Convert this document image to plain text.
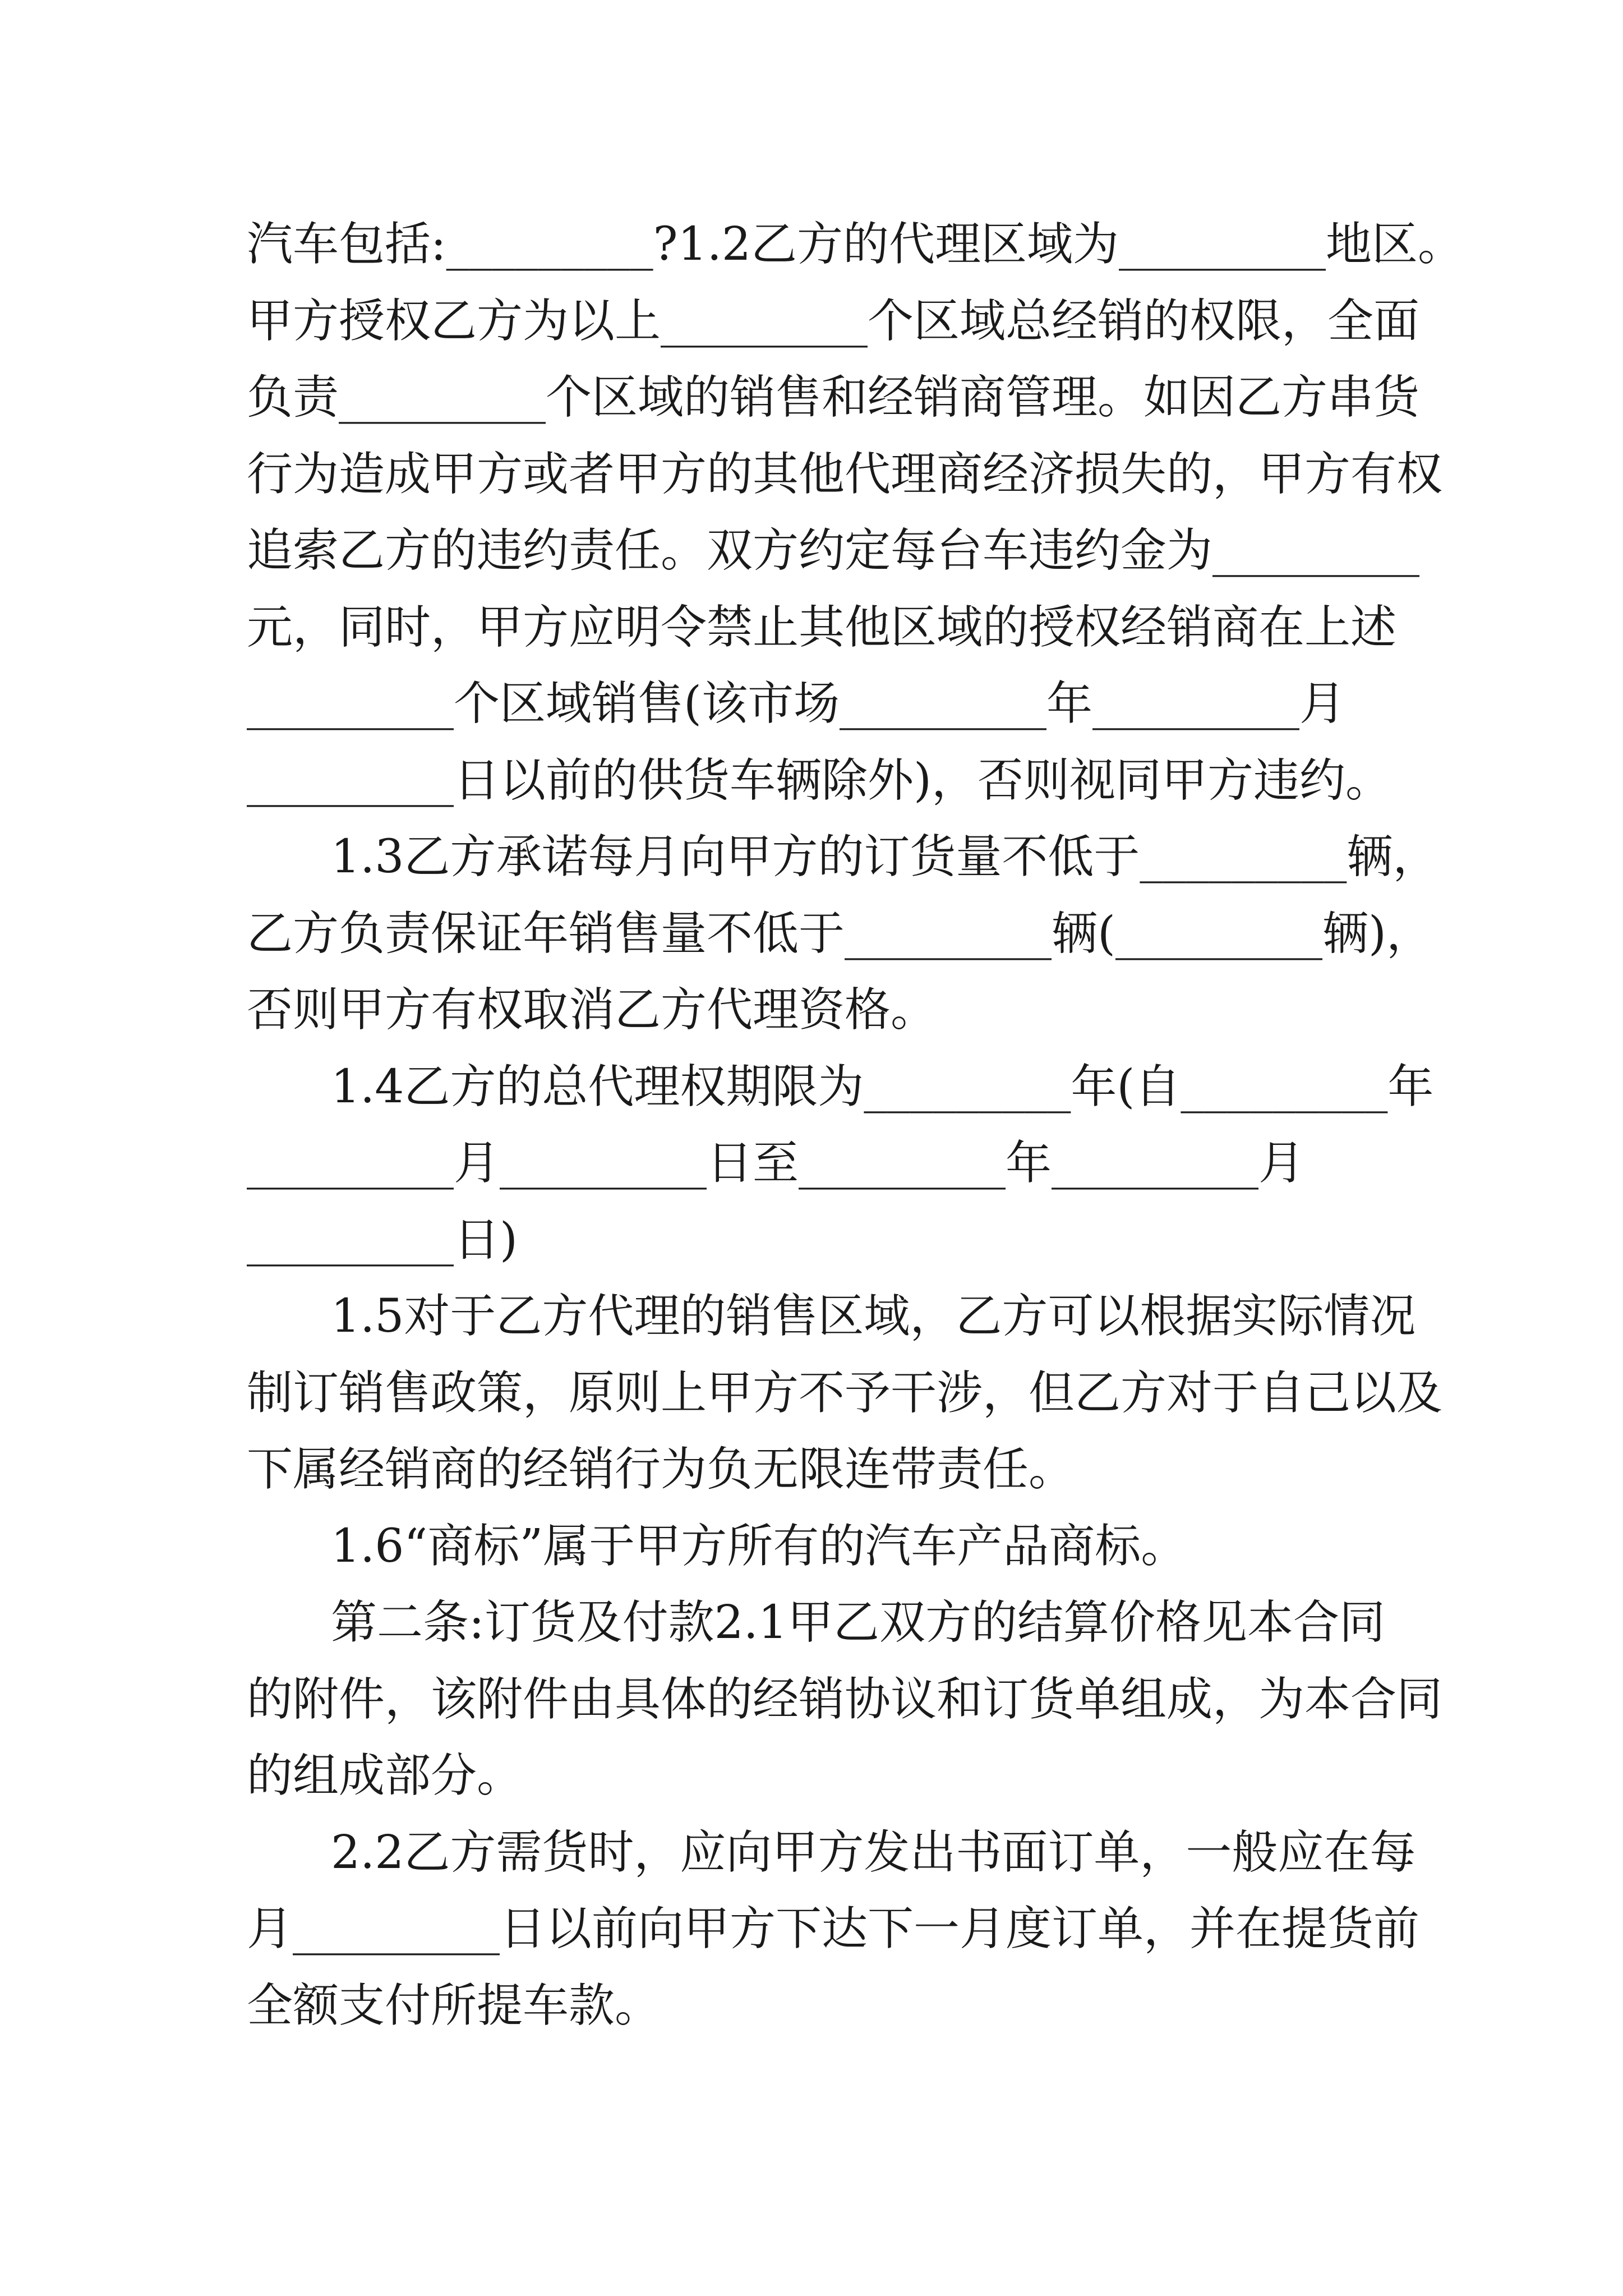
汽车包括:_________?1.2乙方的代理区域为_________地区。
甲方授权乙方为以上_________个区域总经销的权限，全面
负责_________个区域的销售和经销商管理。如因乙方串货
行为造成甲方或者甲方的其他代理商经济损失的，甲方有权
追索乙方的违约责任。双方约定每台车违约金为_________
元，同时，甲方应明令禁止其他区域的授权经销商在上述
_________个区域销售(该市场_________年_________月
_________日以前的供货车辆除外)，否则视同甲方违约。
1.3乙方承诺每月向甲方的订货量不低于_________辆，
乙方负责保证年销售量不低于_________辆(_________辆)，
否则甲方有权取消乙方代理资格。
1.4乙方的总代理权期限为_________年(自_________年
_________月_________日至_________年_________月
_________日)
1.5对于乙方代理的销售区域，乙方可以根据实际情况
制订销售政策，原则上甲方不予干涉，但乙方对于自己以及
下属经销商的经销行为负无限连带责任。
1.6“商标”属于甲方所有的汽车产品商标。
第二条:订货及付款2.1甲乙双方的结算价格见本合同
的附件，该附件由具体的经销协议和订货单组成，为本合同
的组成部分。
2.2乙方需货时，应向甲方发出书面订单，一般应在每
月_________日以前向甲方下达下一月度订单，并在提货前
全额支付所提车款。
